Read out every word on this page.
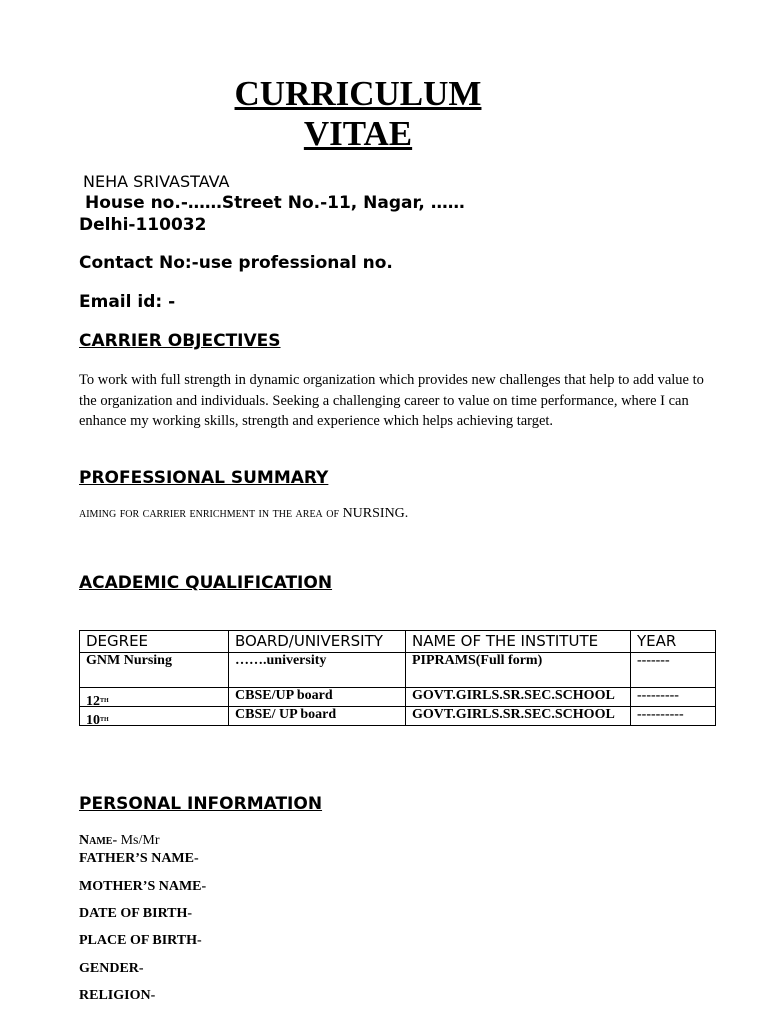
CURRICULUM
VITAE
NEHA SRIVASTAVA
House no.-……Street No.-11, Nagar, ……
Delhi-110032
Contact No:-use professional no.
Email id: -
CARRIER OBJECTIVES
To work with full strength in dynamic organization which provides new challenges that help to add value to the organization and individuals. Seeking a challenging career to value on time performance, where I can enhance my working skills, strength and experience which helps achieving target.
PROFESSIONAL SUMMARY
aiming for carrier enrichment in the area of NURSING.
ACADEMIC QUALIFICATION
DEGREE	BOARD/UNIVERSITY	NAME OF THE INSTITUTE	YEAR
GNM Nursing	…….university	PIPRAMS(Full form)	-------
12TH	CBSE/UP board	GOVT.GIRLS.SR.SEC.SCHOOL	---------
10TH	CBSE/ UP board	GOVT.GIRLS.SR.SEC.SCHOOL	----------
PERSONAL INFORMATION
Name- Ms/Mr
FATHER’S NAME-
MOTHER’S NAME-
DATE OF BIRTH-
PLACE OF BIRTH-
GENDER-
RELIGION-
